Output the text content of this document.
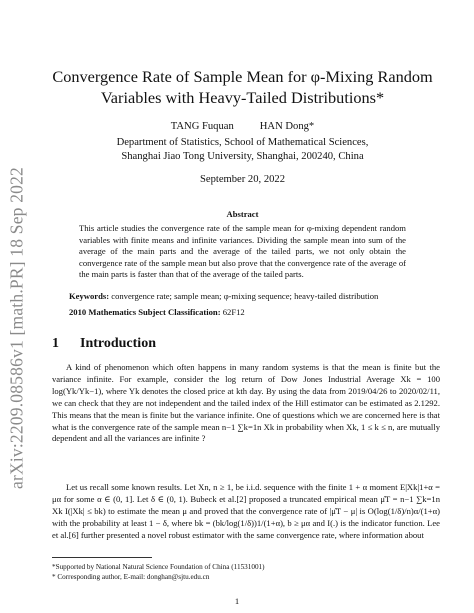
arXiv:2209.08586v1 [math.PR] 18 Sep 2022
Convergence Rate of Sample Mean for φ-Mixing Random
Variables with Heavy-Tailed Distributions*
TANG Fuquan HAN Dong*
Department of Statistics, School of Mathematical Sciences,
Shanghai Jiao Tong University, Shanghai, 200240, China
September 20, 2022
Abstract
This article studies the convergence rate of the sample mean for φ-mixing dependent random variables with finite means and infinite variances. Dividing the sample mean into sum of the average of the main parts and the average of the tailed parts, we not only obtain the convergence rate of the sample mean but also prove that the convergence rate of the average of the main parts is faster than that of the average of the tailed parts.
Keywords: convergence rate; sample mean; φ-mixing sequence; heavy-tailed distribution
2010 Mathematics Subject Classification: 62F12
1 Introduction
A kind of phenomenon which often happens in many random systems is that the mean is finite but the variance infinite. For example, consider the log return of Dow Jones Industrial Average Xk = 100 log(Yk/Yk−1), where Yk denotes the closed price at kth day. By using the data from 2019/04/26 to 2020/02/11, we can check that they are not independent and the tailed index of the Hill estimator can be estimated as 2.1292. This means that the mean is finite but the variance infinite. One of questions which we are concerned here is that what is the convergence rate of the sample mean n−1 ∑k=1n Xk in probability when Xk, 1 ≤ k ≤ n, are mutually dependent and all the variances are infinite ?
Let us recall some known results. Let Xn, n ≥ 1, be i.i.d. sequence with the finite 1 + α moment E|Xk|1+α = μα for some α ∈ (0, 1]. Let δ ∈ (0, 1). Bubeck et al.[2] proposed a truncated empirical mean μ̂T = n−1 ∑k=1n Xk I(|Xk| ≤ bk) to estimate the mean μ and proved that the convergence rate of |μ̂T − μ| is O(log(1/δ)/n)α/(1+α) with the probability at least 1 − δ, where bk = (bk/log(1/δ))1/(1+α), b ≥ μα and I(.) is the indicator function. Lee et al.[6] further presented a novel robust estimator with the same convergence rate, where information about
*Supported by National Natural Science Foundation of China (11531001)
* Corresponding author, E-mail: donghan@sjtu.edu.cn
1
